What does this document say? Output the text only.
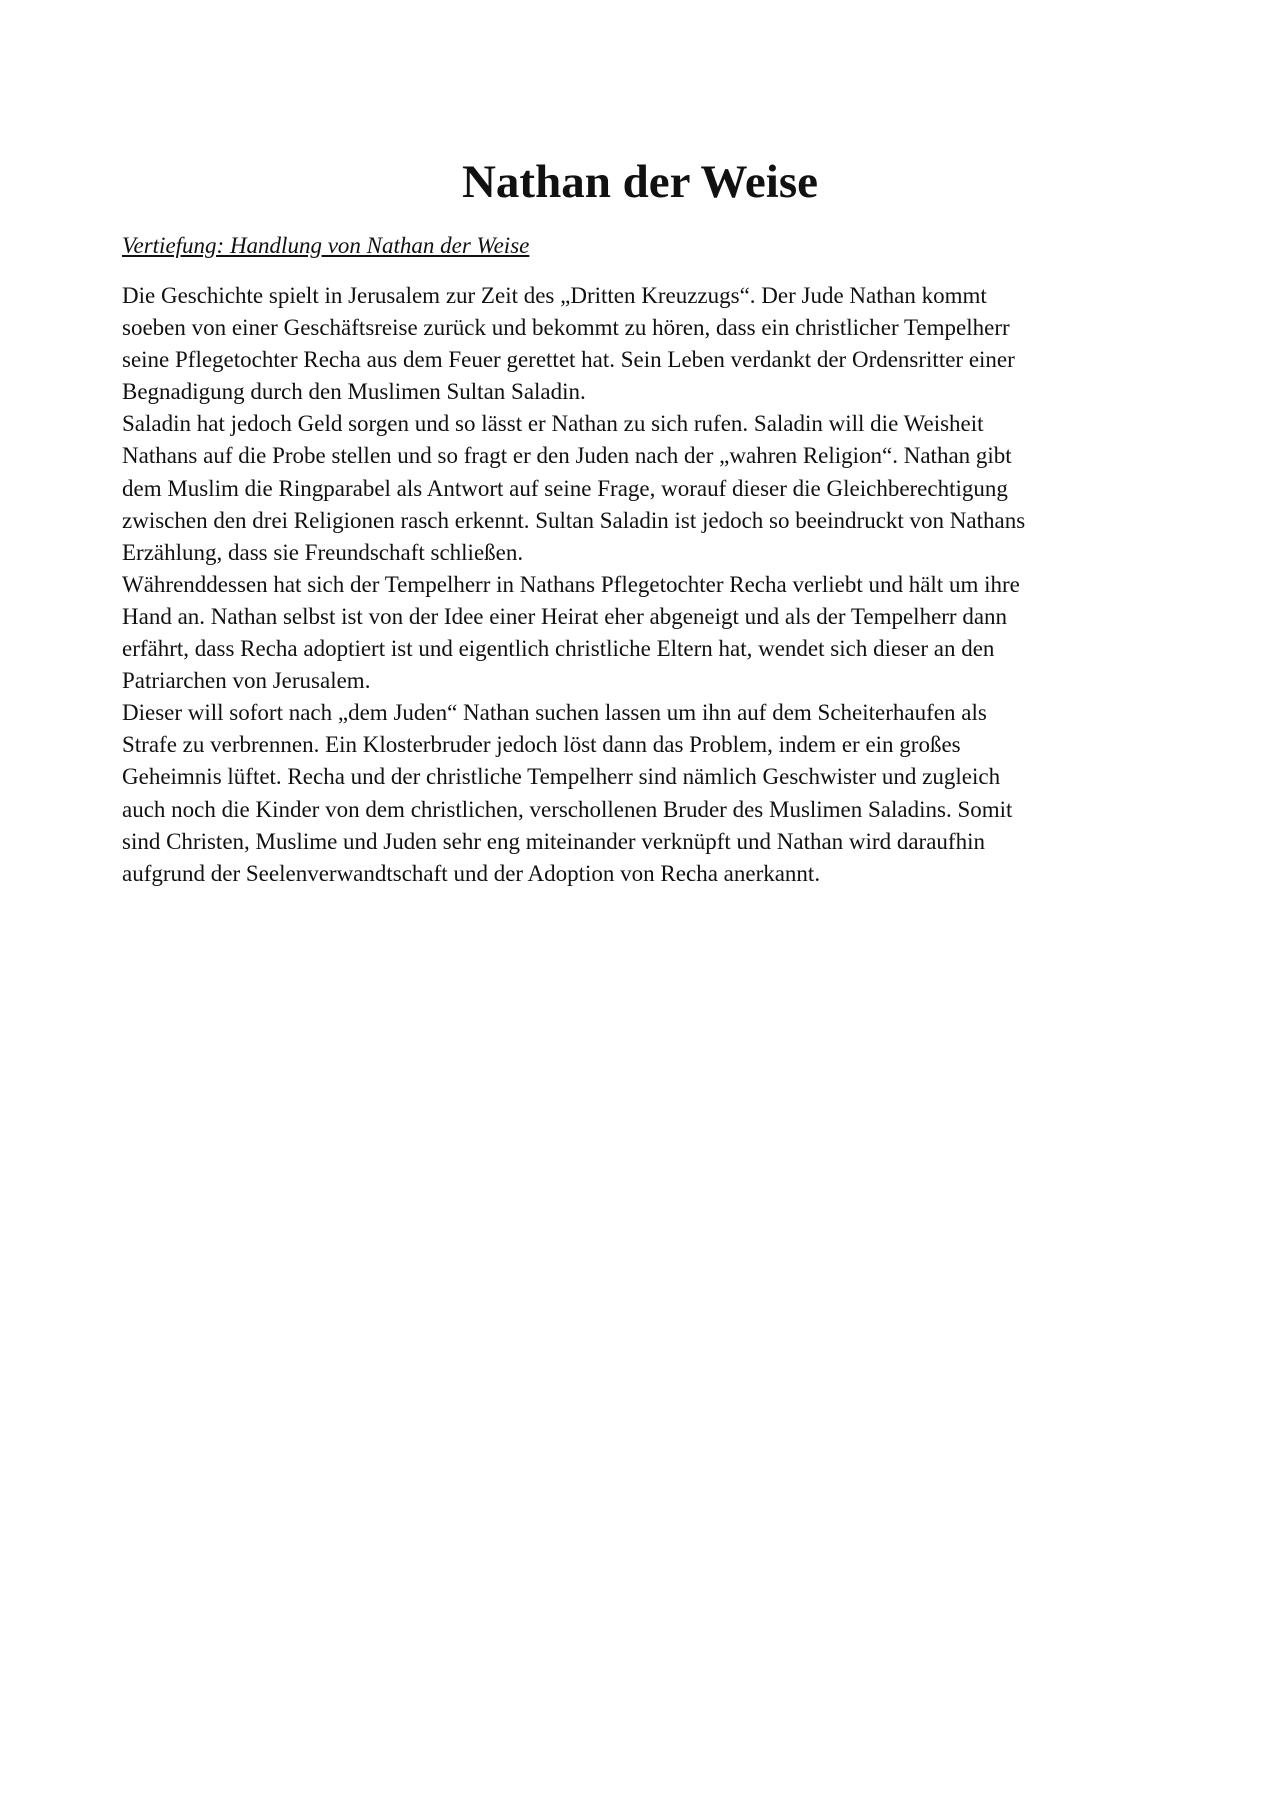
Nathan der Weise

Vertiefung: Handlung von Nathan der Weise

Die Geschichte spielt in Jerusalem zur Zeit des „Dritten Kreuzzugs“. Der Jude Nathan kommt
soeben von einer Geschäftsreise zurück und bekommt zu hören, dass ein christlicher Tempelherr
seine Pflegetochter Recha aus dem Feuer gerettet hat. Sein Leben verdankt der Ordensritter einer
Begnadigung durch den Muslimen Sultan Saladin.

Saladin hat jedoch Geld sorgen und so lässt er Nathan zu sich rufen. Saladin will die Weisheit
Nathans auf die Probe stellen und so fragt er den Juden nach der „wahren Religion“. Nathan gibt
dem Muslim die Ringparabel als Antwort auf seine Frage, worauf dieser die Gleichberechtigung
zwischen den drei Religionen rasch erkennt. Sultan Saladin ist jedoch so beeindruckt von Nathans
Erzählung, dass sie Freundschaft schließen.

Währenddessen hat sich der Tempelherr in Nathans Pflegetochter Recha verliebt und hält um ihre
Hand an. Nathan selbst ist von der Idee einer Heirat eher abgeneigt und als der Tempelherr dann
erfährt, dass Recha adoptiert ist und eigentlich christliche Eltern hat, wendet sich dieser an den
Patriarchen von Jerusalem.

Dieser will sofort nach „dem Juden“ Nathan suchen lassen um ihn auf dem Scheiterhaufen als
Strafe zu verbrennen. Ein Klosterbruder jedoch löst dann das Problem, indem er ein großes
Geheimnis lüftet. Recha und der christliche Tempelherr sind nämlich Geschwister und zugleich
auch noch die Kinder von dem christlichen, verschollenen Bruder des Muslimen Saladins. Somit
sind Christen, Muslime und Juden sehr eng miteinander verknüpft und Nathan wird daraufhin
aufgrund der Seelenverwandtschaft und der Adoption von Recha anerkannt.
